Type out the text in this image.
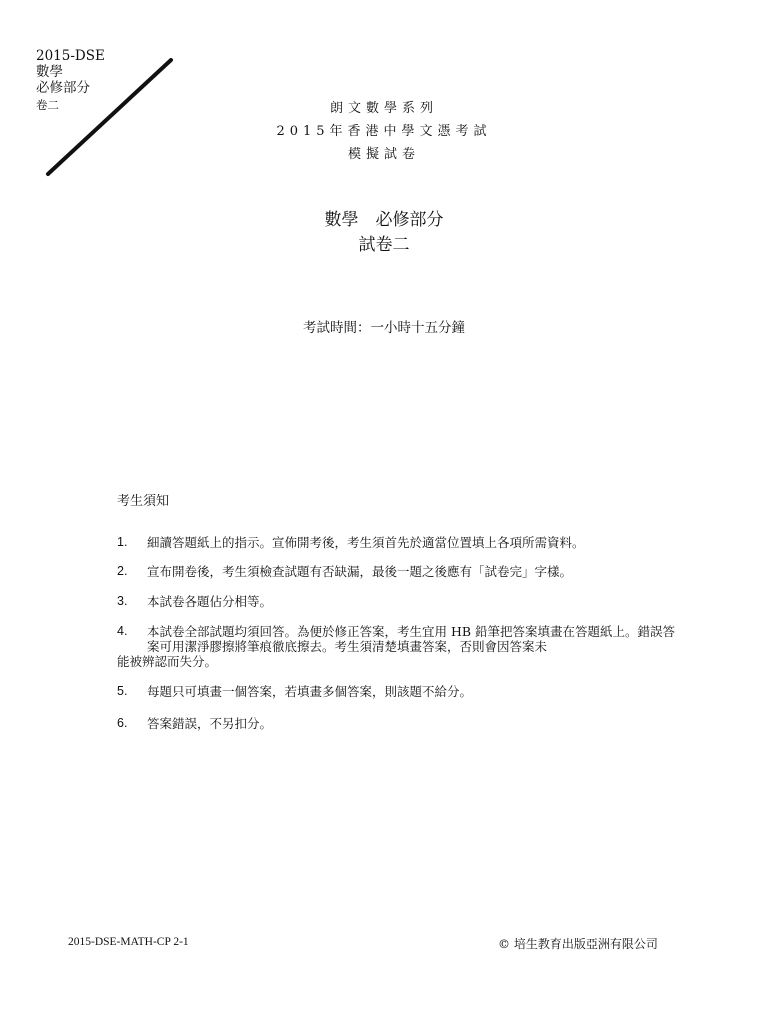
2015-DSE
數學
必修部分
卷二	朗文數學系列
2015年香港中學文憑考試
模擬試卷
數學　必修部分
試卷二
考試時間：一小時十五分鐘
考生須知
1.	細讀答題紙上的指示。宣佈開考後，考生須首先於適當位置填上各項所需資料。
2.	宣布開卷後，考生須檢查試題有否缺漏，最後一題之後應有「試卷完」字樣。
3.	本試卷各題佔分相等。
4.	本試卷全部試題均須回答。為便於修正答案，考生宜用 HB 鉛筆把答案填畫在答題紙上。錯誤答案可用潔淨膠擦將筆痕徹底擦去。考生須清楚填畫答案，否則會因答案未
能被辨認而失分。
5.	每題只可填畫一個答案，若填畫多個答案，則該題不給分。
6.	答案錯誤，不另扣分。
2015-DSE-MATH-CP 2-1	© 培生教育出版亞洲有限公司
